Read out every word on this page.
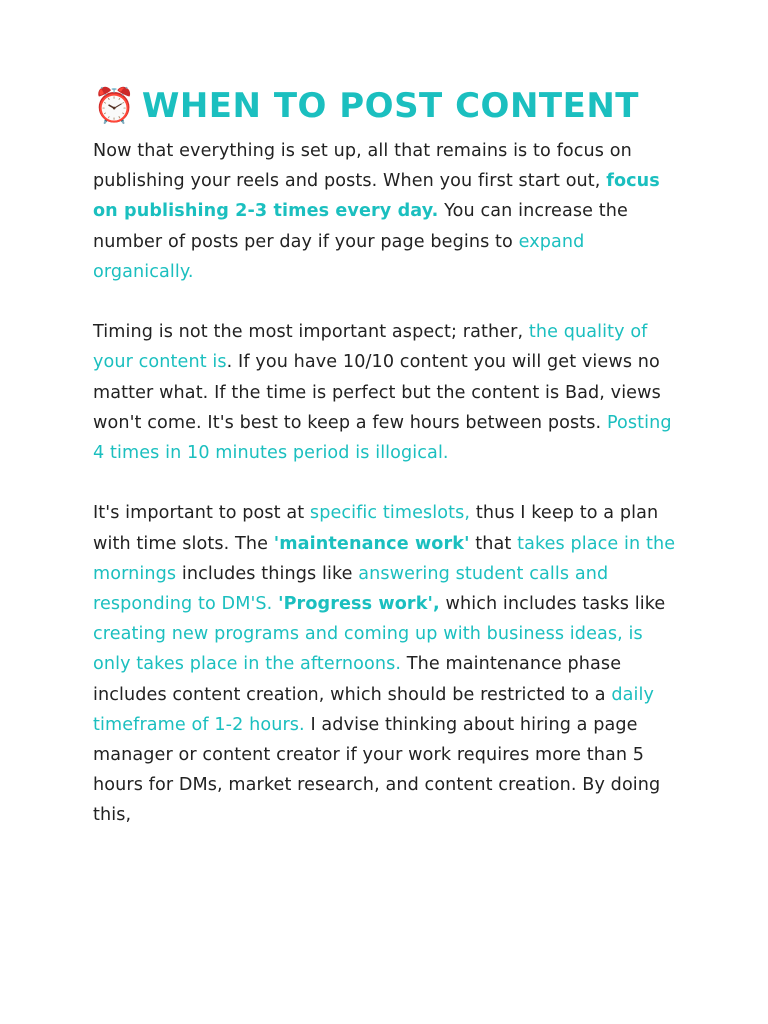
⏰ WHEN TO POST CONTENT

Now that everything is set up, all that remains is to focus on publishing your reels and posts. When you first start out, focus on publishing 2-3 times every day. You can increase the number of posts per day if your page begins to expand organically.

Timing is not the most important aspect; rather, the quality of your content is. If you have 10/10 content you will get views no matter what. If the time is perfect but the content is Bad, views won't come. It's best to keep a few hours between posts. Posting 4 times in 10 minutes period is illogical.

It's important to post at specific timeslots, thus I keep to a plan with time slots. The 'maintenance work' that takes place in the mornings includes things like answering student calls and responding to DM'S. 'Progress work', which includes tasks like creating new programs and coming up with business ideas, is only takes place in the afternoons. The maintenance phase includes content creation, which should be restricted to a daily timeframe of 1-2 hours. I advise thinking about hiring a page manager or content creator if your work requires more than 5 hours for DMs, market research, and content creation. By doing this,
